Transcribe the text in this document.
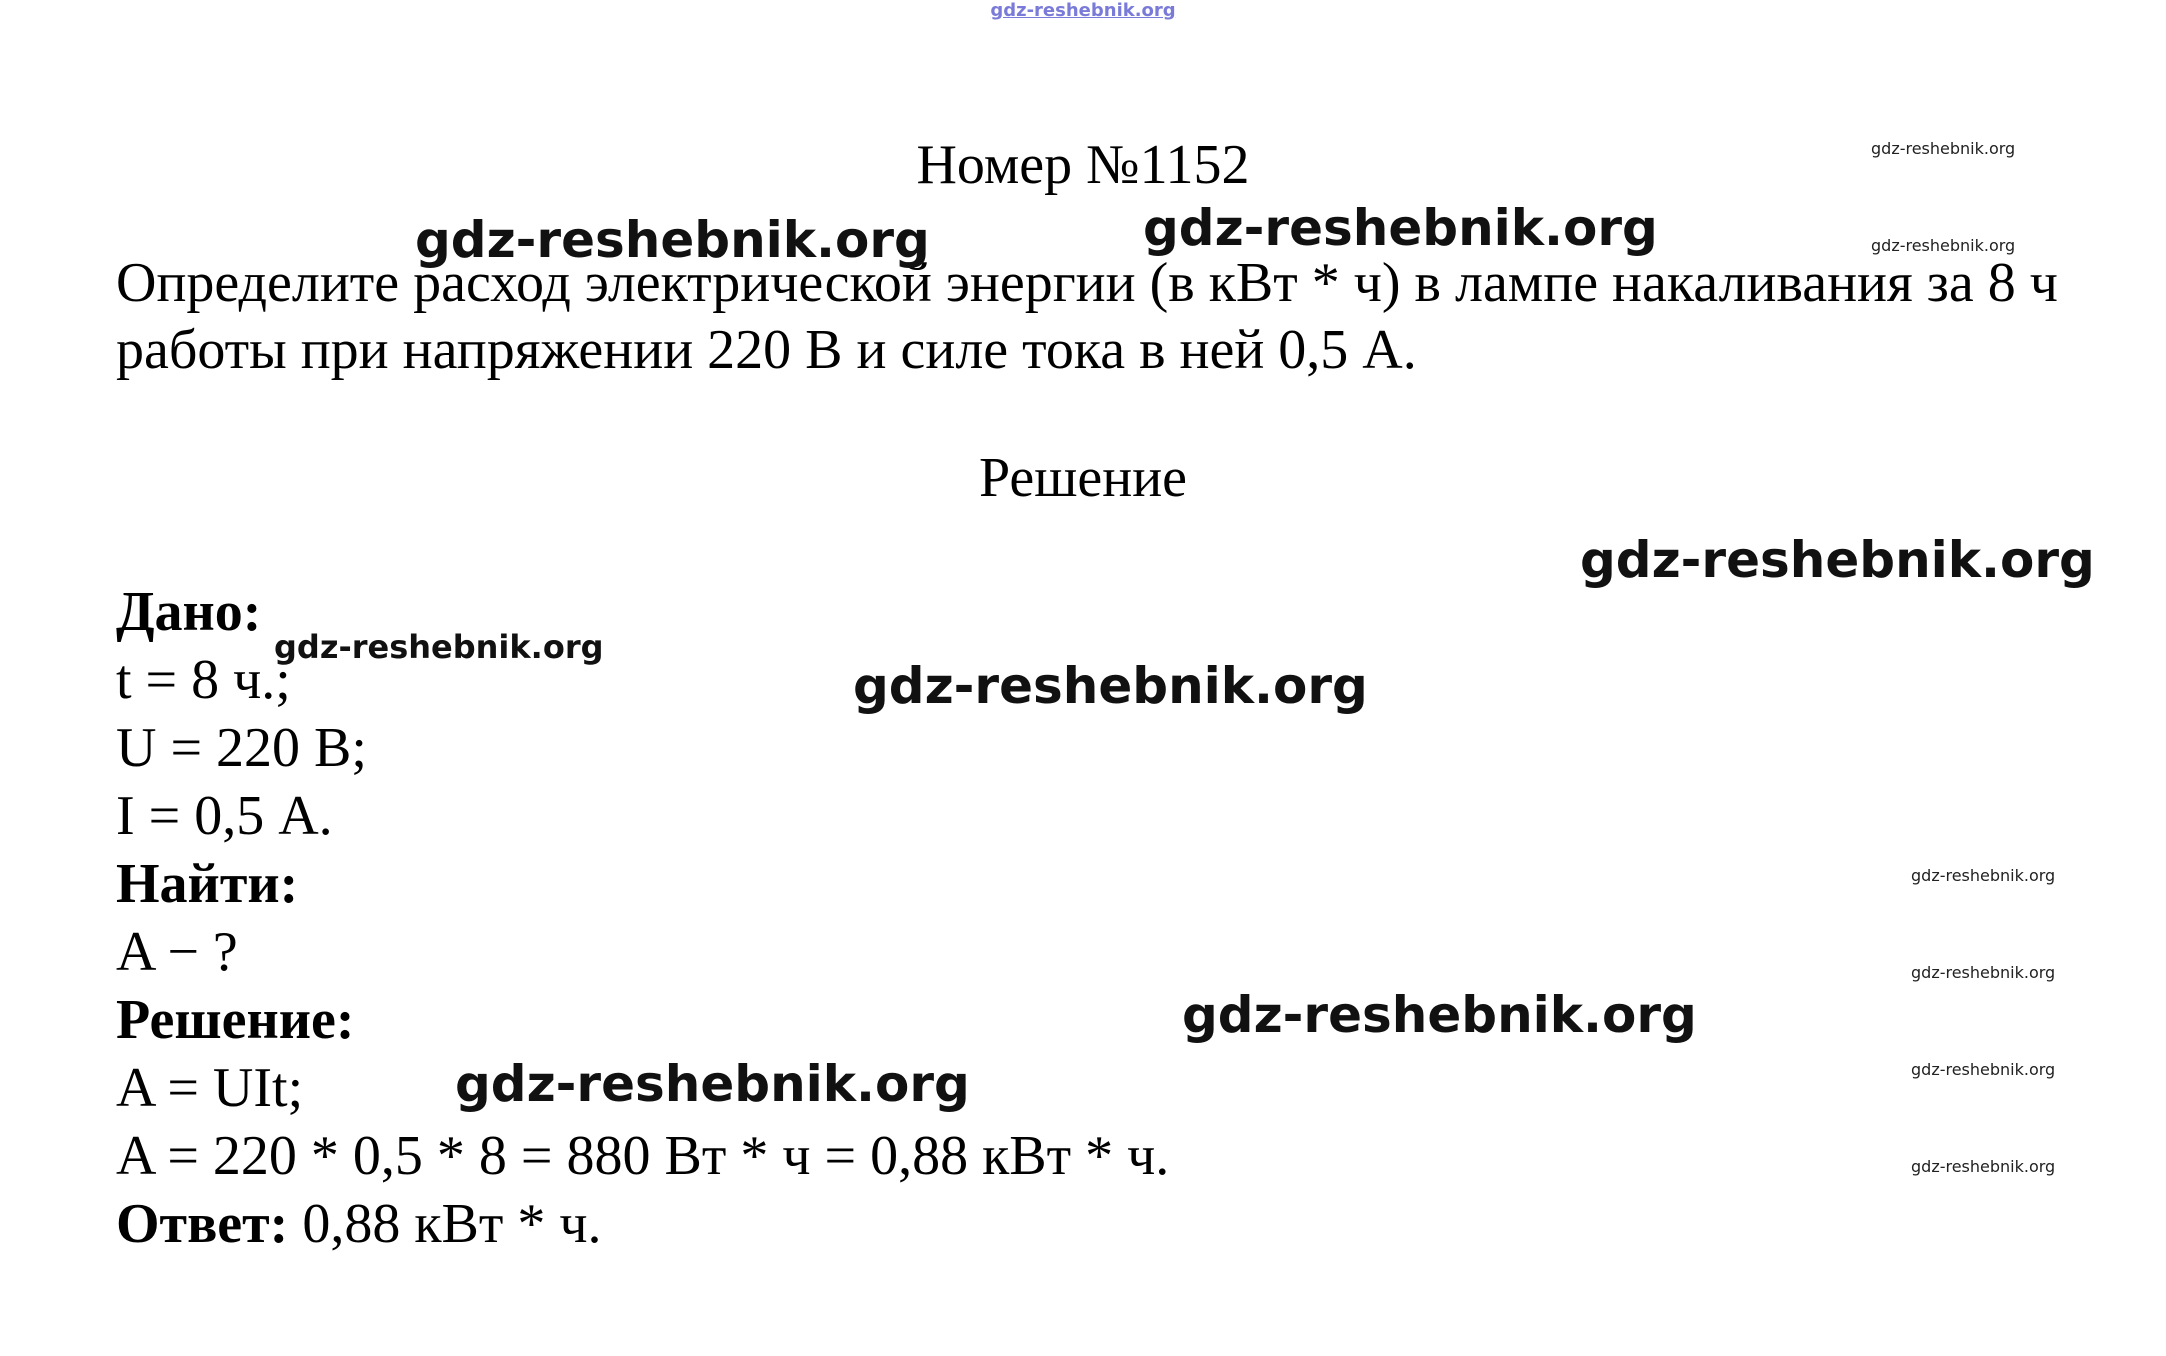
gdz-reshebnik.org
Номер №1152
Определите расход электрической энергии (в кВт * ч) в лампе накаливания за 8 ч работы при напряжении 220 В и силе тока в ней 0,5 А.
Решение
Дано:
t = 8 ч.;
U = 220 В;
I = 0,5 А.
Найти:
A − ?
Решение:
A = UIt;
A = 220 * 0,5 * 8 = 880 Вт * ч = 0,88 кВт * ч.
Ответ: 0,88 кВт * ч.
gdz-reshebnik.org	gdz-reshebnik.org
gdz-reshebnik.org
gdz-reshebnik.org
gdz-reshebnik.org
gdz-reshebnik.org
gdz-reshebnik.org
gdz-reshebnik.org
gdz-reshebnik.org
gdz-reshebnik.org
gdz-reshebnik.org
gdz-reshebnik.org
gdz-reshebnik.org
